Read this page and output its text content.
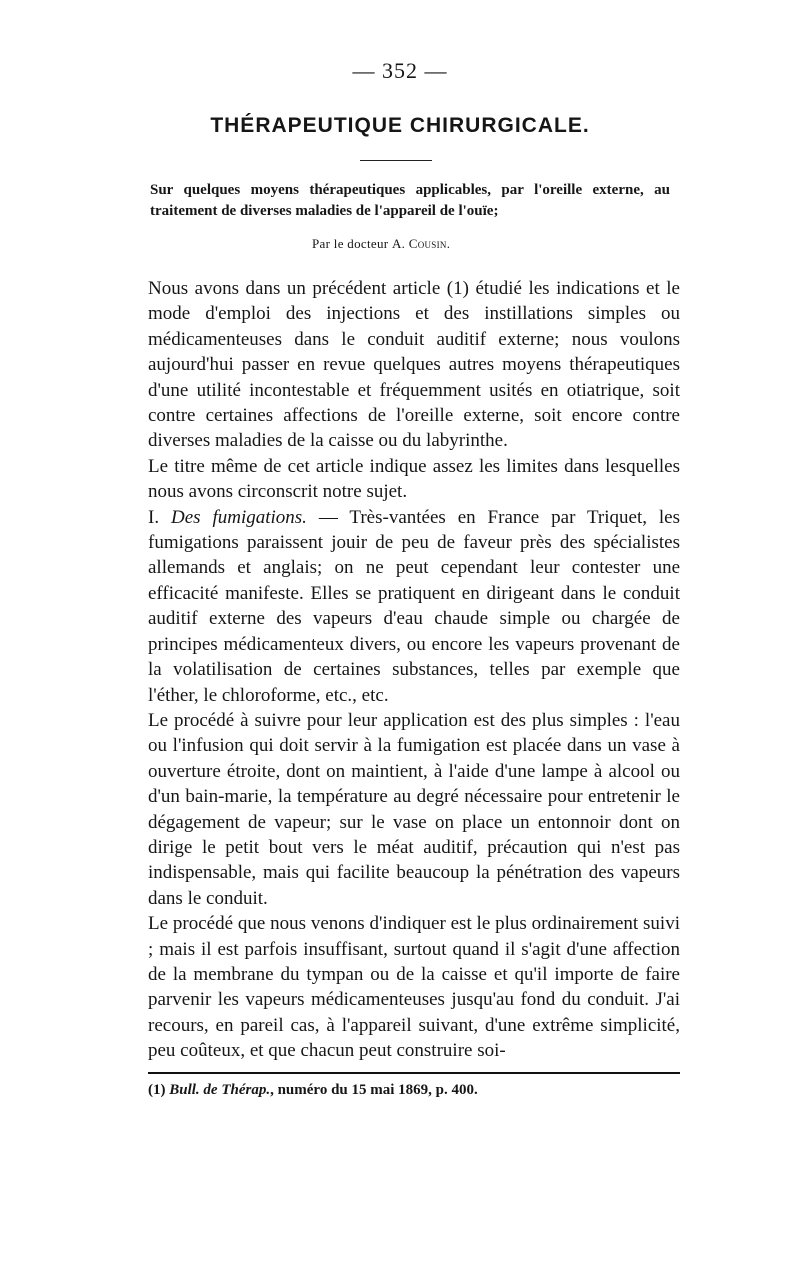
— 352 —
THÉRAPEUTIQUE CHIRURGICALE.
Sur quelques moyens thérapeutiques applicables, par l'oreille externe, au traitement de diverses maladies de l'appareil de l'ouïe;
Par le docteur A. Cousin.

Nous avons dans un précédent article (1) étudié les indications et le mode d'emploi des injections et des instillations simples ou médicamenteuses dans le conduit auditif externe; nous voulons aujourd'hui passer en revue quelques autres moyens thérapeutiques d'une utilité incontestable et fréquemment usités en otiatrique, soit contre certaines affections de l'oreille externe, soit encore contre diverses maladies de la caisse ou du labyrinthe.

Le titre même de cet article indique assez les limites dans lesquelles nous avons circonscrit notre sujet.

I. Des fumigations. — Très-vantées en France par Triquet, les fumigations paraissent jouir de peu de faveur près des spécialistes allemands et anglais; on ne peut cependant leur contester une efficacité manifeste. Elles se pratiquent en dirigeant dans le conduit auditif externe des vapeurs d'eau chaude simple ou chargée de principes médicamenteux divers, ou encore les vapeurs provenant de la volatilisation de certaines substances, telles par exemple que l'éther, le chloroforme, etc., etc.

Le procédé à suivre pour leur application est des plus simples : l'eau ou l'infusion qui doit servir à la fumigation est placée dans un vase à ouverture étroite, dont on maintient, à l'aide d'une lampe à alcool ou d'un bain-marie, la température au degré nécessaire pour entretenir le dégagement de vapeur; sur le vase on place un entonnoir dont on dirige le petit bout vers le méat auditif, précaution qui n'est pas indispensable, mais qui facilite beaucoup la pénétration des vapeurs dans le conduit.

Le procédé que nous venons d'indiquer est le plus ordinairement suivi ; mais il est parfois insuffisant, surtout quand il s'agit d'une affection de la membrane du tympan ou de la caisse et qu'il importe de faire parvenir les vapeurs médicamenteuses jusqu'au fond du conduit. J'ai recours, en pareil cas, à l'appareil suivant, d'une extrême simplicité, peu coûteux, et que chacun peut construire soi-

(1) Bull. de Thérap., numéro du 15 mai 1869, p. 400.
